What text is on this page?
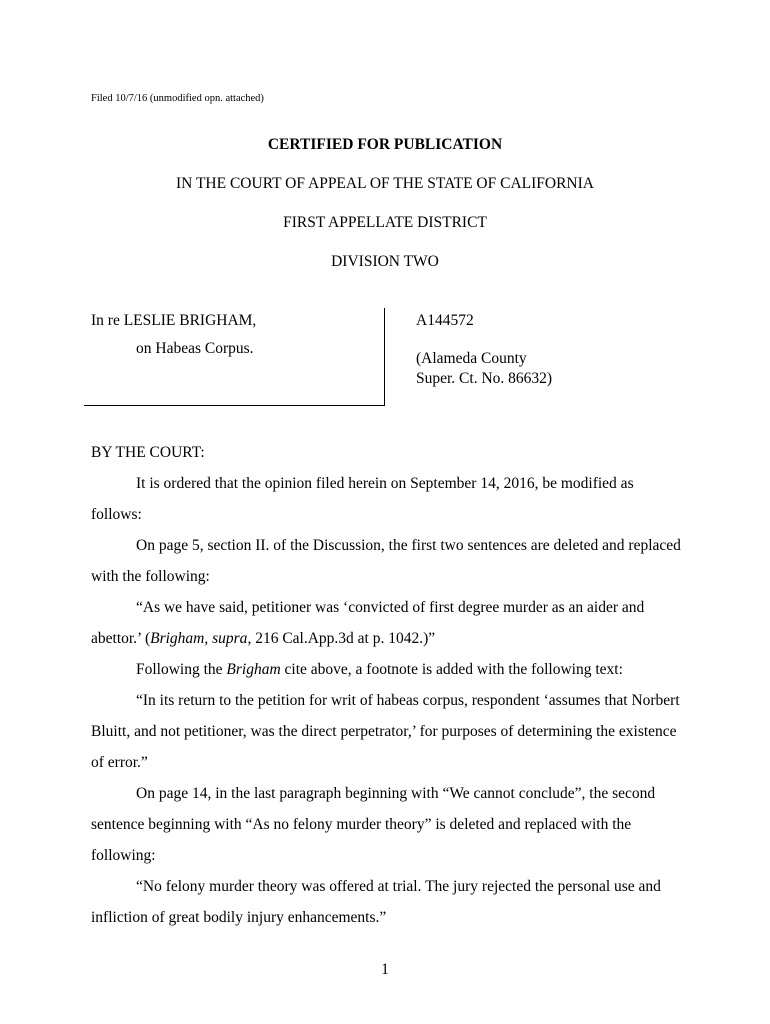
Filed 10/7/16 (unmodified opn. attached)
CERTIFIED FOR PUBLICATION
IN THE COURT OF APPEAL OF THE STATE OF CALIFORNIA
FIRST APPELLATE DISTRICT
DIVISION TWO
In re LESLIE BRIGHAM,
on Habeas Corpus.
A144572
(Alameda County
Super. Ct. No. 86632)

BY THE COURT:

It is ordered that the opinion filed herein on September 14, 2016, be modified as follows:

On page 5, section II. of the Discussion, the first two sentences are deleted and replaced with the following:

“As we have said, petitioner was ‘convicted of first degree murder as an aider and abettor.’ (Brigham, supra, 216 Cal.App.3d at p. 1042.)”

Following the Brigham cite above, a footnote is added with the following text:

“In its return to the petition for writ of habeas corpus, respondent ‘assumes that Norbert Bluitt, and not petitioner, was the direct perpetrator,’ for purposes of determining the existence of error.”

On page 14, in the last paragraph beginning with “We cannot conclude”, the second sentence beginning with “As no felony murder theory” is deleted and replaced with the following:

“No felony murder theory was offered at trial. The jury rejected the personal use and infliction of great bodily injury enhancements.”

1
